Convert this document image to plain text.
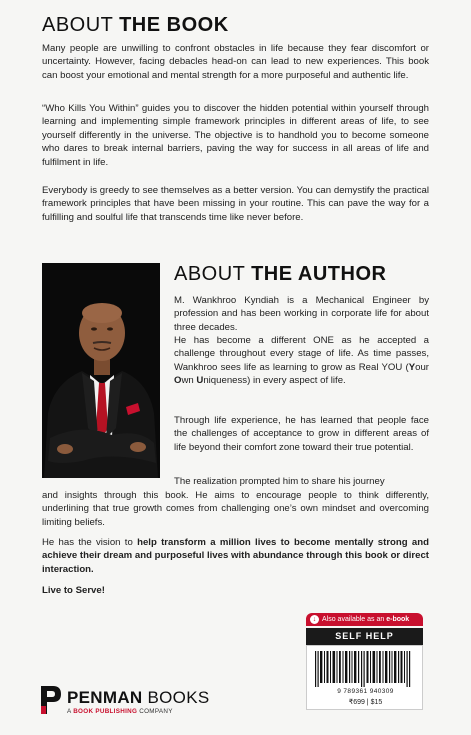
ABOUT THE BOOK

Many people are unwilling to confront obstacles in life because they fear discomfort or uncertainty. However, facing debacles head-on can lead to new experiences. This book can boost your emotional and mental strength for a more purposeful and authentic life.

“Who Kills You Within” guides you to discover the hidden potential within yourself through learning and implementing simple framework principles in different areas of life, to see yourself differently in the universe. The objective is to handhold you to become someone who dares to break internal barriers, paving the way for success in all areas of life and fulfilment in life.

Everybody is greedy to see themselves as a better version. You can demystify the practical framework principles that have been missing in your routine. This can pave the way for a fulfilling and soulful life that transcends time like never before.

ABOUT THE AUTHOR

M. Wankhroo Kyndiah is a Mechanical Engineer by profession and has been working in corporate life for about three decades.

He has become a different ONE as he accepted a challenge throughout every stage of life. As time passes, Wankhroo sees life as learning to grow as Real YOU (Your Own Uniqueness) in every aspect of life.

Through life experience, he has learned that people face the challenges of acceptance to grow in different areas of life beyond their comfort zone toward their true potential.

The realization prompted him to share his journey

and insights through this book. He aims to encourage people to think differently, underlining that true growth comes from challenging one’s own mindset and overcoming limiting beliefs.

He has the vision to help transform a million lives to become mentally strong and achieve their dream and purposeful lives with abundance through this book or direct interaction.

Live to Serve!

↓ Also available as an e-book
SELF HELP
9 789361 940309
₹699 | $15
PENMAN BOOKS
A BOOK PUBLISHING COMPANY
